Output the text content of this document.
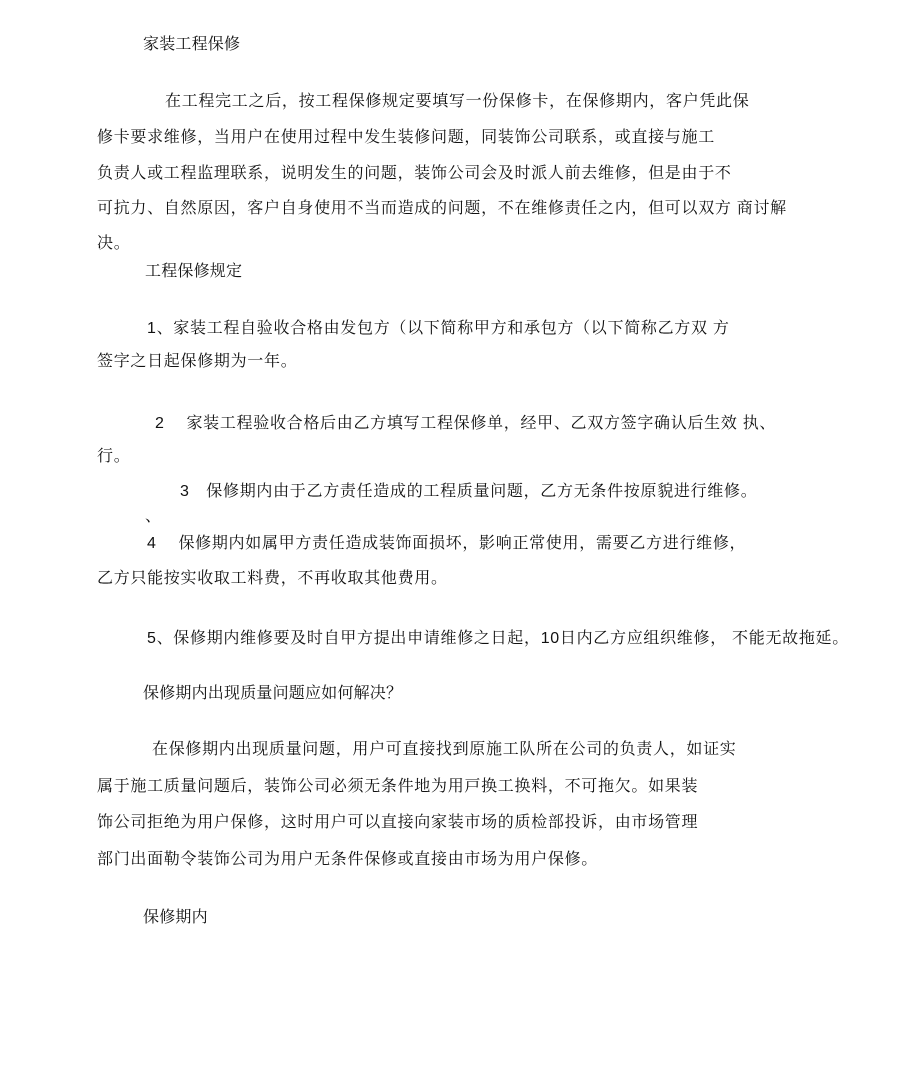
家装工程保修
在工程完工之后，按工程保修规定要填写一份保修卡，在保修期内，客户凭此保
修卡要求维修，当用户在使用过程中发生装修问题，同装饰公司联系，或直接与施工
负责人或工程监理联系，说明发生的问题，装饰公司会及时派人前去维修，但是由于不
可抗力、自然原因，客户自身使用不当而造成的问题，不在维修责任之内，但可以双方 商讨解
决。
工程保修规定
1、家装工程自验收合格由发包方（以下简称甲方和承包方（以下简称乙方双 方
签字之日起保修期为一年。
2　 家装工程验收合格后由乙方填写工程保修单，经甲、乙双方签字确认后生效 执、
行。
3　保修期内由于乙方责任造成的工程质量问题，乙方无条件按原貌进行维修。
、
4　 保修期内如属甲方责任造成装饰面损坏，影响正常使用，需要乙方进行维修，
乙方只能按实收取工料费，不再收取其他费用。
5、保修期内维修要及时自甲方提出申请维修之日起，10日内乙方应组织维修， 不能无故拖延。
保修期内出现质量问题应如何解决？
在保修期内出现质量问题，用户可直接找到原施工队所在公司的负责人，如证实
属于施工质量问题后，装饰公司必须无条件地为用戸换工换料，不可拖欠。如果装
饰公司拒绝为用户保修，这时用户可以直接向家装市场的质检部投诉，由市场管理
部门出面勒令装饰公司为用户无条件保修或直接由市场为用户保修。
保修期内
